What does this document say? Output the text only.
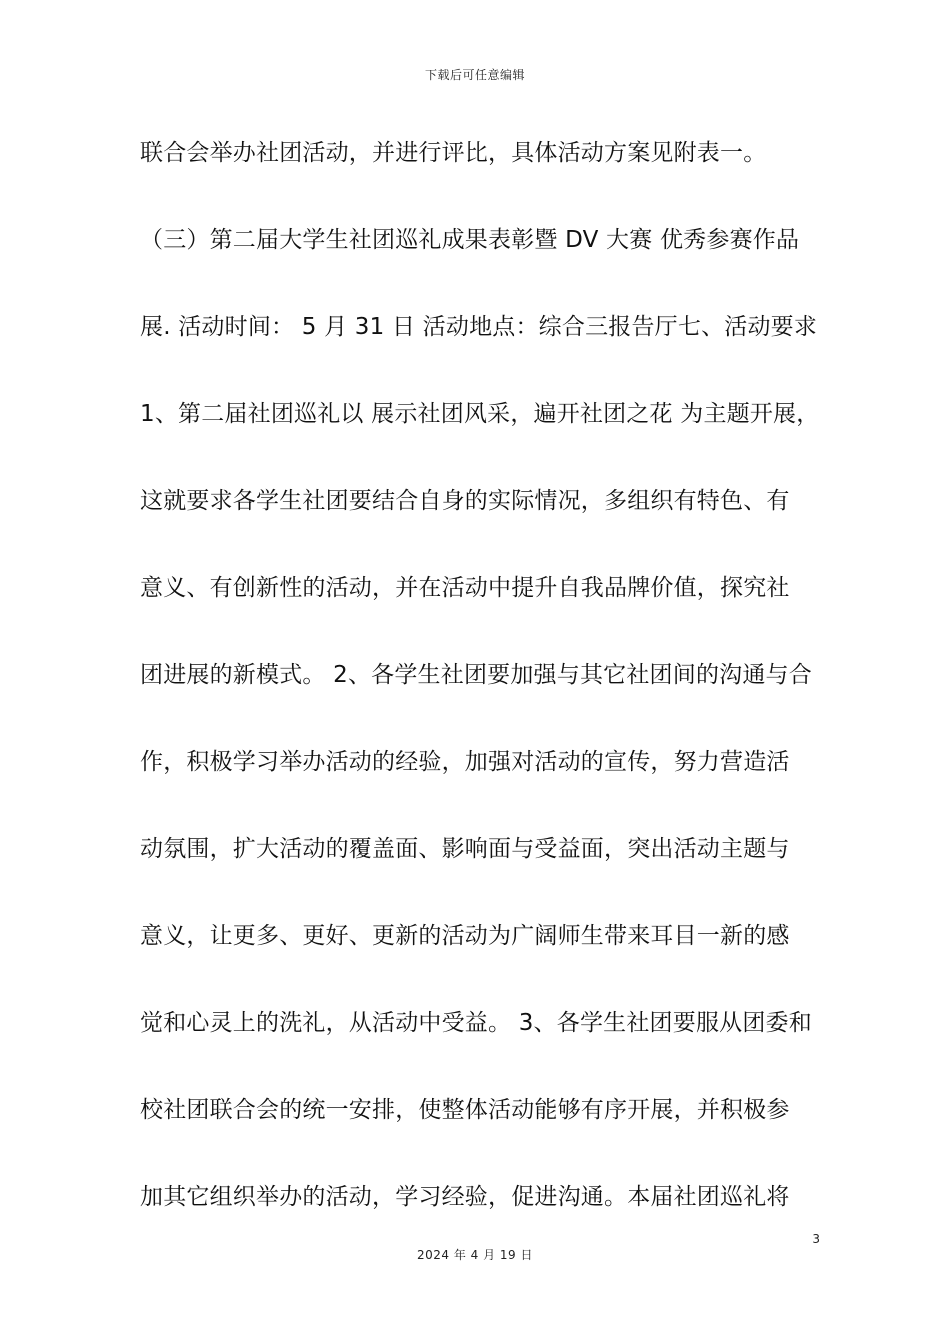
下载后可任意编辑
联合会举办社团活动，并进行评比，具体活动方案见附表一。
（三）第二届大学生社团巡礼成果表彰暨 DV 大赛 优秀参赛作品
展. 活动时间： 5 月 31 日 活动地点：综合三报告厅七、活动要求
1、第二届社团巡礼以 展示社团风采，遍开社团之花 为主题开展，
这就要求各学生社团要结合自身的实际情况，多组织有特色、有
意义、有创新性的活动，并在活动中提升自我品牌价值，探究社
团进展的新模式。 2、各学生社团要加强与其它社团间的沟通与合
作，积极学习举办活动的经验，加强对活动的宣传，努力营造活
动氛围，扩大活动的覆盖面、影响面与受益面，突出活动主题与
意义，让更多、更好、更新的活动为广阔师生带来耳目一新的感
觉和心灵上的洗礼，从活动中受益。 3、各学生社团要服从团委和
校社团联合会的统一安排，使整体活动能够有序开展，并积极参
加其它组织举办的活动，学习经验，促进沟通。本届社团巡礼将
3
2024 年 4 月 19 日
